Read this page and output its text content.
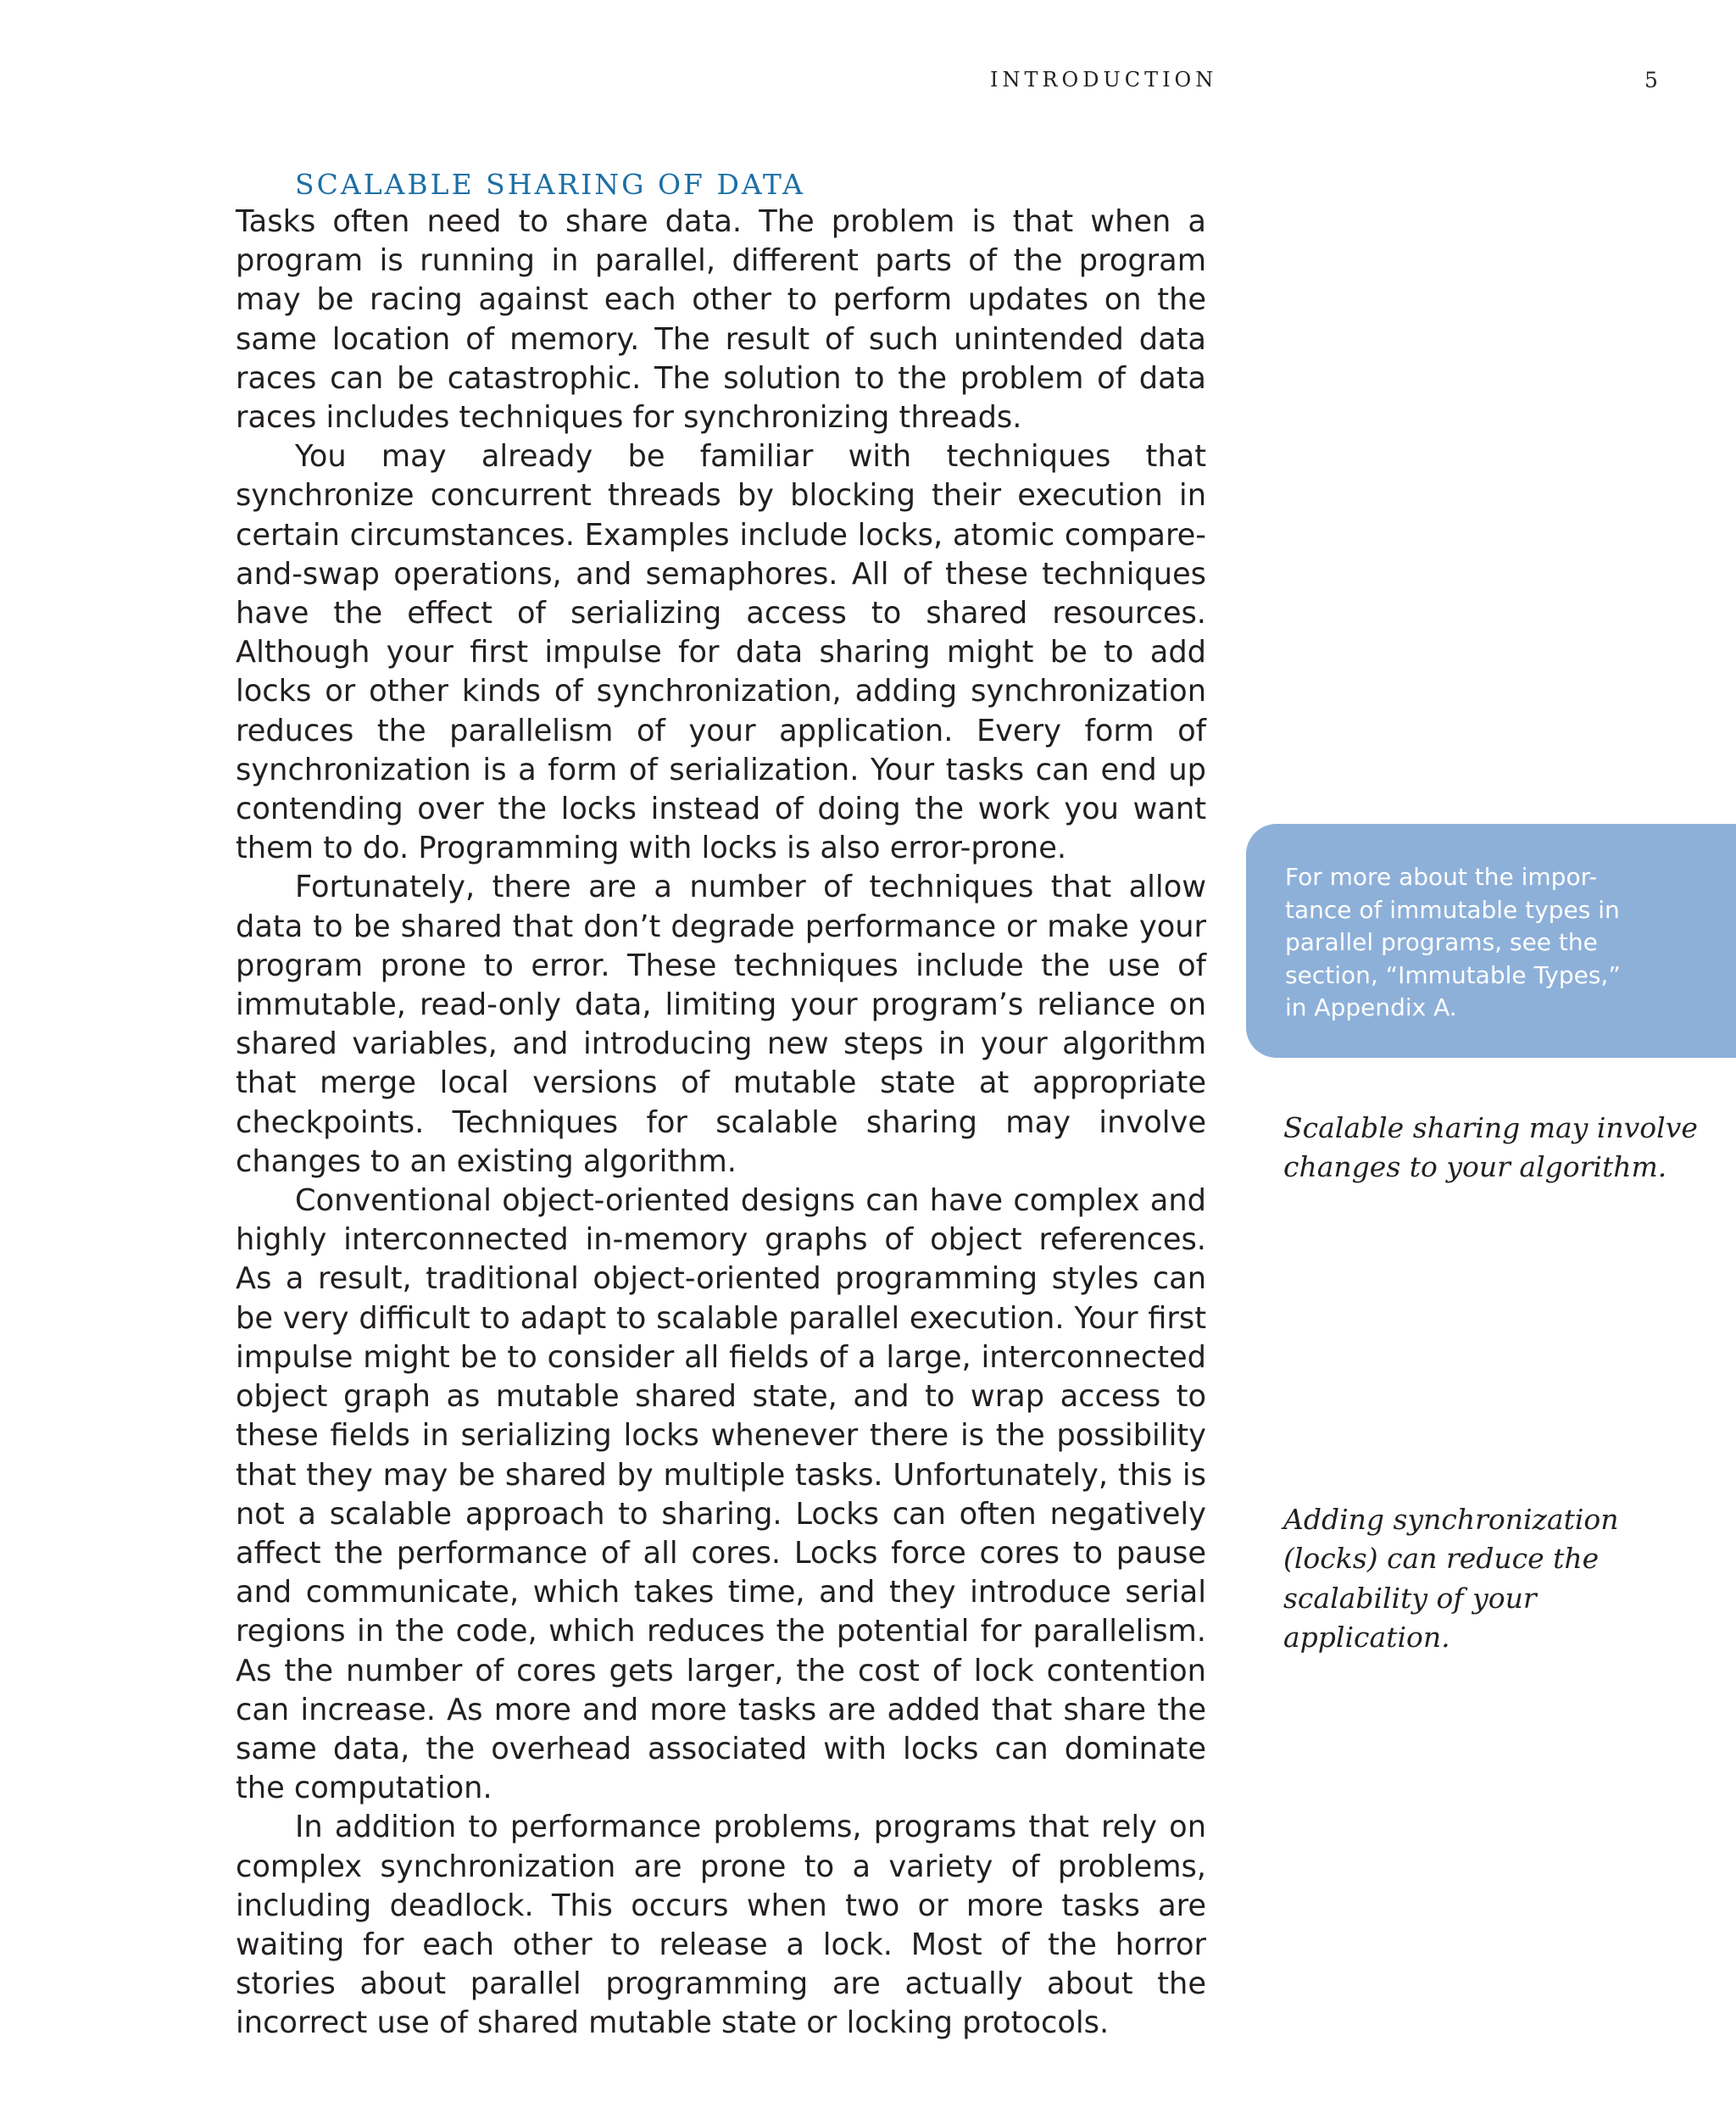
INTRODUCTION	5
SCALABLE SHARING OF DATA

Tasks often need to share data. The problem is that when a program is running in parallel, different parts of the program may be racing against each other to perform updates on the same location of memory. The result of such unintended data races can be catastrophic. The solution to the problem of data races includes techniques for synchronizing threads.

You may already be familiar with techniques that synchronize concurrent threads by blocking their execution in certain circumstances. Examples include locks, atomic compare-and-swap operations, and semaphores. All of these techniques have the effect of serializing access to shared resources. Although your first impulse for data sharing might be to add locks or other kinds of synchronization, adding synchronization reduces the parallelism of your application. Every form of synchronization is a form of serialization. Your tasks can end up contending over the locks instead of doing the work you want them to do. Programming with locks is also error-prone.

Fortunately, there are a number of techniques that allow data to be shared that don’t degrade performance or make your program prone to error. These techniques include the use of immutable, read-only data, limiting your program’s reliance on shared variables, and introducing new steps in your algorithm that merge local versions of mutable state at appropriate checkpoints. Techniques for scalable sharing may involve changes to an existing algorithm.

Conventional object-oriented designs can have complex and highly interconnected in-memory graphs of object references. As a result, traditional object-oriented programming styles can be very difficult to adapt to scalable parallel execution. Your first impulse might be to consider all fields of a large, interconnected object graph as mutable shared state, and to wrap access to these fields in serializing locks whenever there is the possibility that they may be shared by multiple tasks. Unfortunately, this is not a scalable approach to sharing. Locks can often negatively affect the performance of all cores. Locks force cores to pause and communicate, which takes time, and they introduce serial regions in the code, which reduces the potential for parallelism. As the number of cores gets larger, the cost of lock contention can increase. As more and more tasks are added that share the same data, the overhead associated with locks can dominate the computation.

In addition to performance problems, programs that rely on complex synchronization are prone to a variety of problems, including deadlock. This occurs when two or more tasks are waiting for each other to release a lock. Most of the horror stories about parallel programming are actually about the incorrect use of shared mutable state or locking protocols.

For more about the impor-
tance of immutable types in
parallel programs, see the
section, “Immutable Types,”
in Appendix A.
Scalable sharing may involve
changes to your algorithm.
Adding synchronization
(locks) can reduce the
scalability of your
application.
